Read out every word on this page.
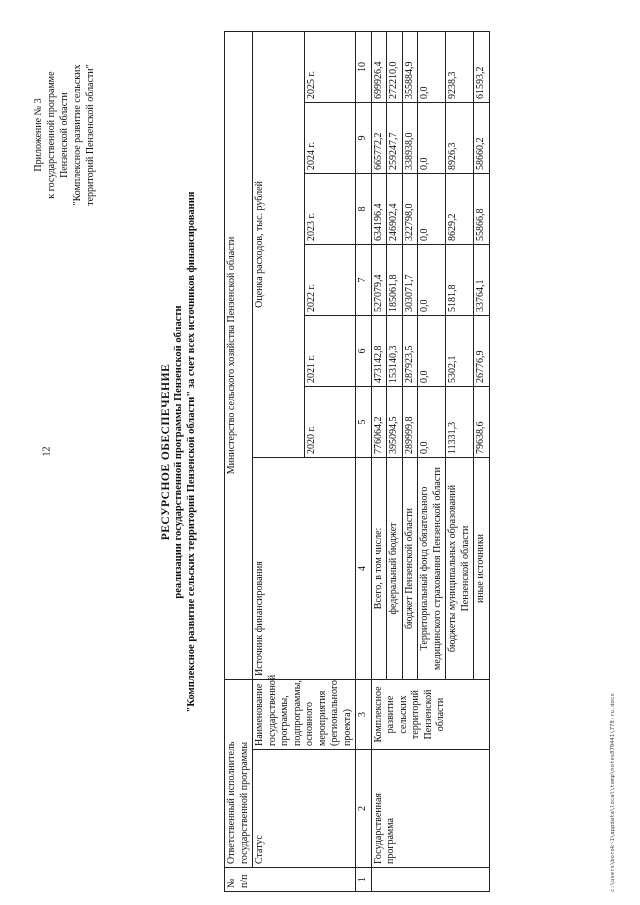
12
Приложение № 3 к государственной программе Пензенской области "Комплексное развитие сельских территорий Пензенской области"
РЕСУРСНОЕ ОБЕСПЕЧЕНИЕ реализации государственной программы Пензенской области "Комплексное развитие сельских территорий Пензенской области" за счет всех источников финансирования
№ п/п	Ответственный исполнитель государственной программы		Министерство сельского хозяйства Пензенской области						
	Статус	Наименование государственной программы, подпрограммы, основного мероприятия (регионального проекта)	Источник финансирования	Оценка расходов, тыс. рублей					
				2020 г.	2021 г.	2022 г.	2023 г.	2024 г.	2025 г.
1	2	3	4	5	6	7	8	9	10
	Государственная программа	Комплексное развитие сельских территорий Пензенской области	Всего, в том числе:	776064,2	473142,8	527079,4	634196,4	665772,2	699926,4
			федеральный бюджет	395094,5	153140,3	185061,8	246902,4	259247,7	272210,0
			бюджет Пензенской области	289999,8	287923,5	303071,7	322798,0	338938,0	355884,9
			Территориальный фонд обязательного медицинского страхования Пензенской области	0,0	0,0	0,0	0,0	0,0	0,0
			бюджеты муниципальных образований Пензенской области	11331,3	5302,1	5181,8	8629,2	8926,3	9238,3
			иные источники	79638,6	26776,9	33764,1	55866,8	58660,2	61593,2
c:\users\borok~1\appdata\local\temp\notes879441\778-ru.docx
